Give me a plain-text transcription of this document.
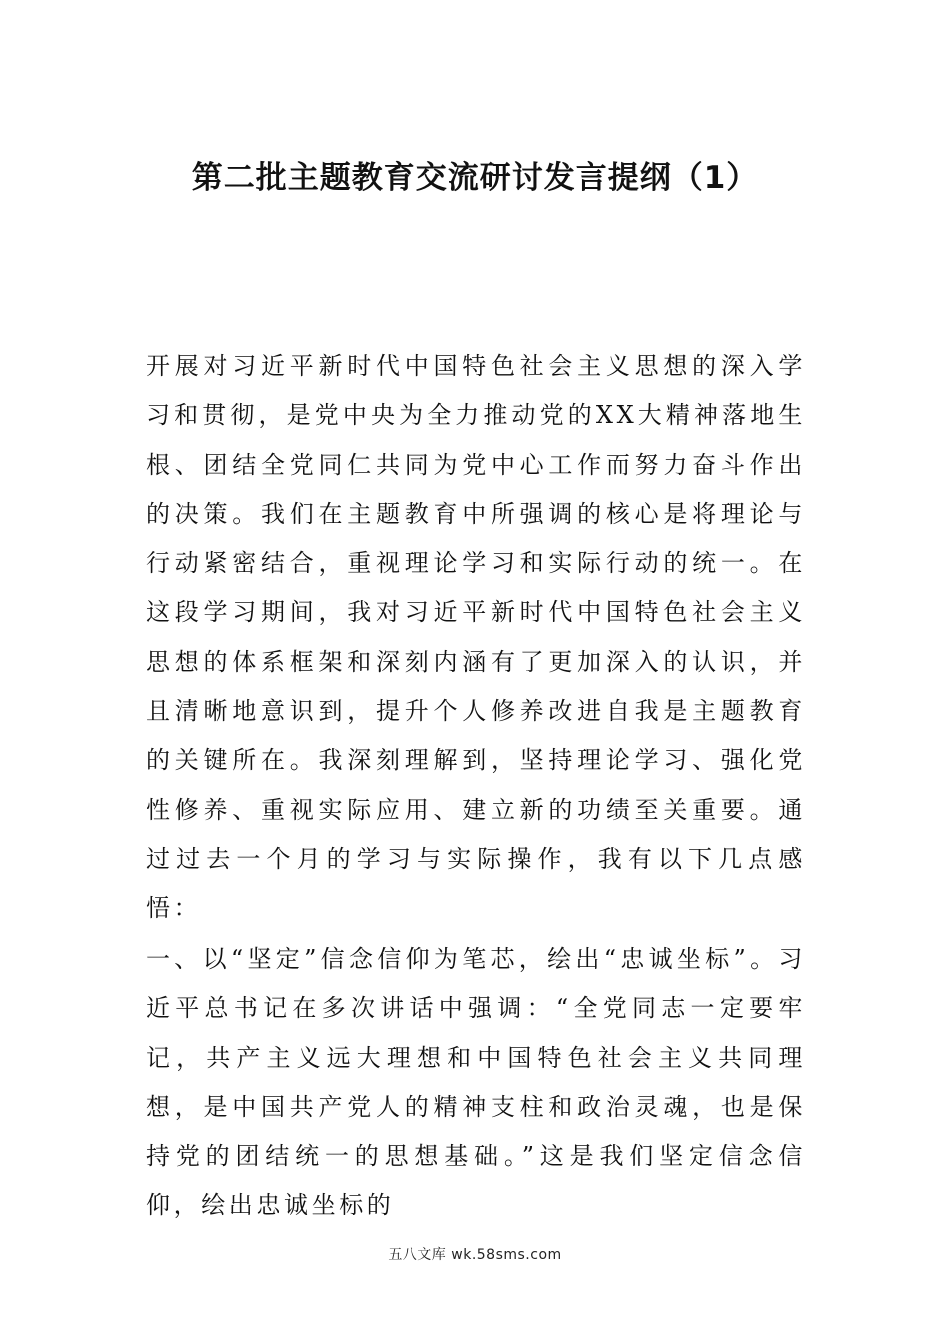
第二批主题教育交流研讨发言提纲（1）

开展对习近平新时代中国特色社会主义思想的深入学习和贯彻，是党中央为全力推动党的XX大精神落地生根、团结全党同仁共同为党中心工作而努力奋斗作出的决策。我们在主题教育中所强调的核心是将理论与行动紧密结合，重视理论学习和实际行动的统一。在这段学习期间，我对习近平新时代中国特色社会主义思想的体系框架和深刻内涵有了更加深入的认识，并且清晰地意识到，提升个人修养改进自我是主题教育的关键所在。我深刻理解到，坚持理论学习、强化党性修养、重视实际应用、建立新的功绩至关重要。通过过去一个月的学习与实际操作，我有以下几点感悟：

一、以“坚定”信念信仰为笔芯，绘出“忠诚坐标”。习近平总书记在多次讲话中强调：“全党同志一定要牢记，共产主义远大理想和中国特色社会主义共同理想，是中国共产党人的精神支柱和政治灵魂，也是保持党的团结统一的思想基础。”这是我们坚定信念信仰，绘出忠诚坐标的

五八文库 wk.58sms.com
